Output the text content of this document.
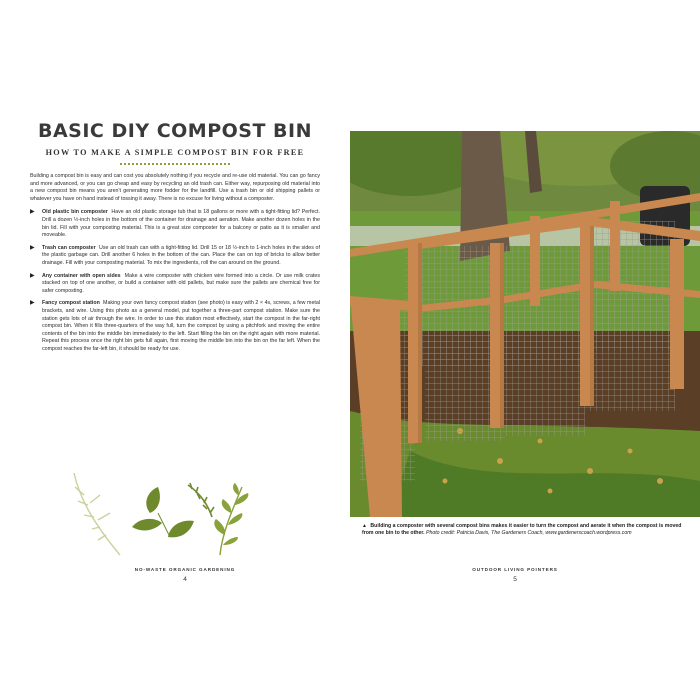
BASIC DIY COMPOST BIN
HOW TO MAKE A SIMPLE COMPOST BIN FOR FREE

Building a compost bin is easy and can cost you absolutely nothing if you recycle and re-use old material. You can go fancy and more advanced, or you can go cheap and easy by recycling an old trash can. Either way, repurposing old material into a new compost bin means you aren't generating more fodder for the landfill. Use a trash bin or old shipping pallets or whatever you have on hand instead of tossing it away. There is no excuse for living without a composter.

▶ Old plastic bin composter Have an old plastic storage tub that is 18 gallons or more with a tight-fitting lid? Perfect. Drill a dozen ½-inch holes in the bottom of the container for drainage and aeration. Make another dozen holes in the bin lid. Fill with your composting material. This is a great size composter for a balcony or patio as it is smaller and moveable.
▶ Trash can composter Use an old trash can with a tight-fitting lid. Drill 15 or 18 ½-inch to 1-inch holes in the sides of the plastic garbage can. Drill another 6 holes in the bottom of the can. Place the can on top of bricks to allow better drainage. Fill with your composting material. To mix the ingredients, roll the can around on the ground.
▶ Any container with open sides Make a wire composter with chicken wire formed into a circle. Or use milk crates stacked on top of one another, or build a container with old pallets, but make sure the pallets are chemical free for safer composting.
▶ Fancy compost station Making your own fancy compost station (see photo) is easy with 2 × 4s, screws, a few metal brackets, and wire. Using this photo as a general model, put together a three-part compost station. Make sure the station gets lots of air through the wire. In order to use this station most effectively, start the compost in the far-right compost bin. When it fills three-quarters of the way full, turn the compost by using a pitchfork and moving the entire contents of the bin into the middle bin immediately to the left. Start filling the bin on the right again with more material. Repeat this process once the right bin gets full again, first moving the middle bin into the bin on the far left. When the compost reaches the far-left bin, it should be ready for use.
NO-WASTE ORGANIC GARDENING
4
▲ Building a composter with several compost bins makes it easier to turn the compost and aerate it when the compost is moved from one bin to the other. Photo credit: Patricia Davis, The Gardeners Coach, www.gardenerscoach.wordpress.com
OUTDOOR LIVING POINTERS
5
